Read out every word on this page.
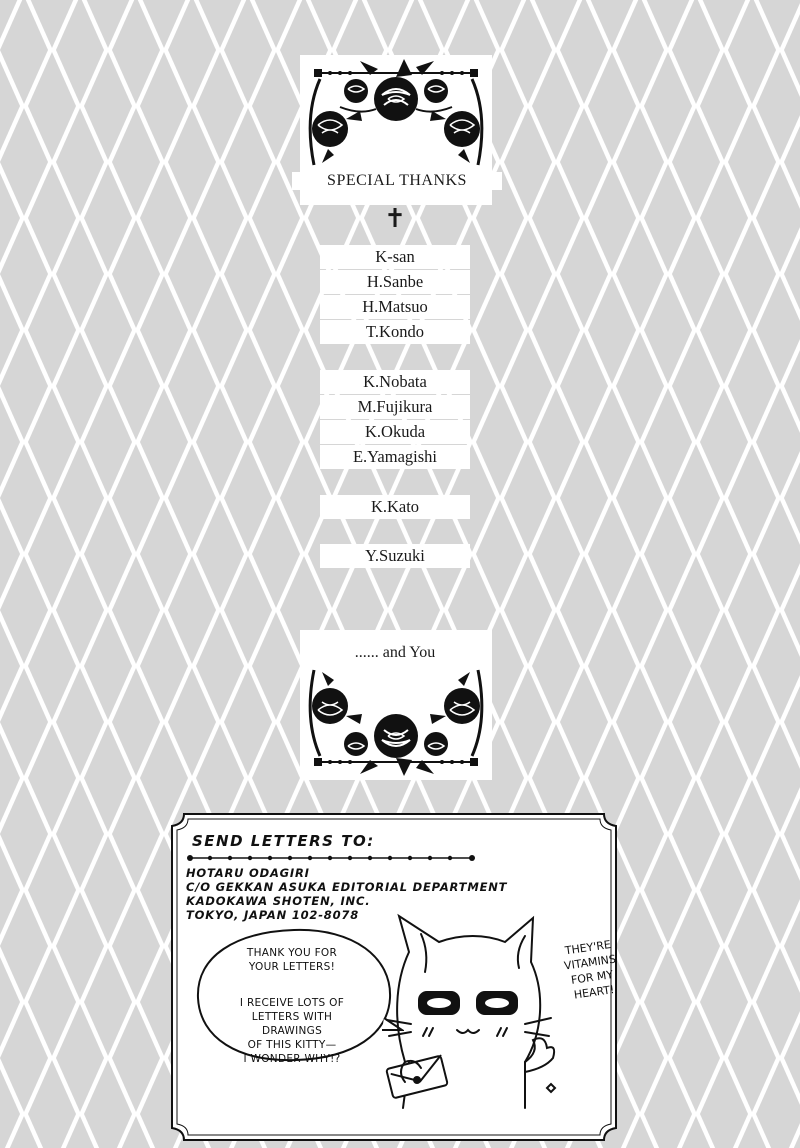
SPECIAL THANKS
✝
K-san
H.Sanbe
H.Matsuo
T.Kondo
K.Nobata
M.Fujikura
K.Okuda
E.Yamagishi
K.Kato
Y.Suzuki
...... and You
SEND LETTERS TO:
HOTARU ODAGIRI
C/O GEKKAN ASUKA EDITORIAL DEPARTMENT
KADOKAWA SHOTEN, INC.
TOKYO, JAPAN 102-8078
THANK YOU FOR
YOUR LETTERS!
I RECEIVE LOTS OF
LETTERS WITH DRAWINGS
OF THIS KITTY—
I WONDER WHY!?
THEY'RE
VITAMINS
FOR MY
HEART!
